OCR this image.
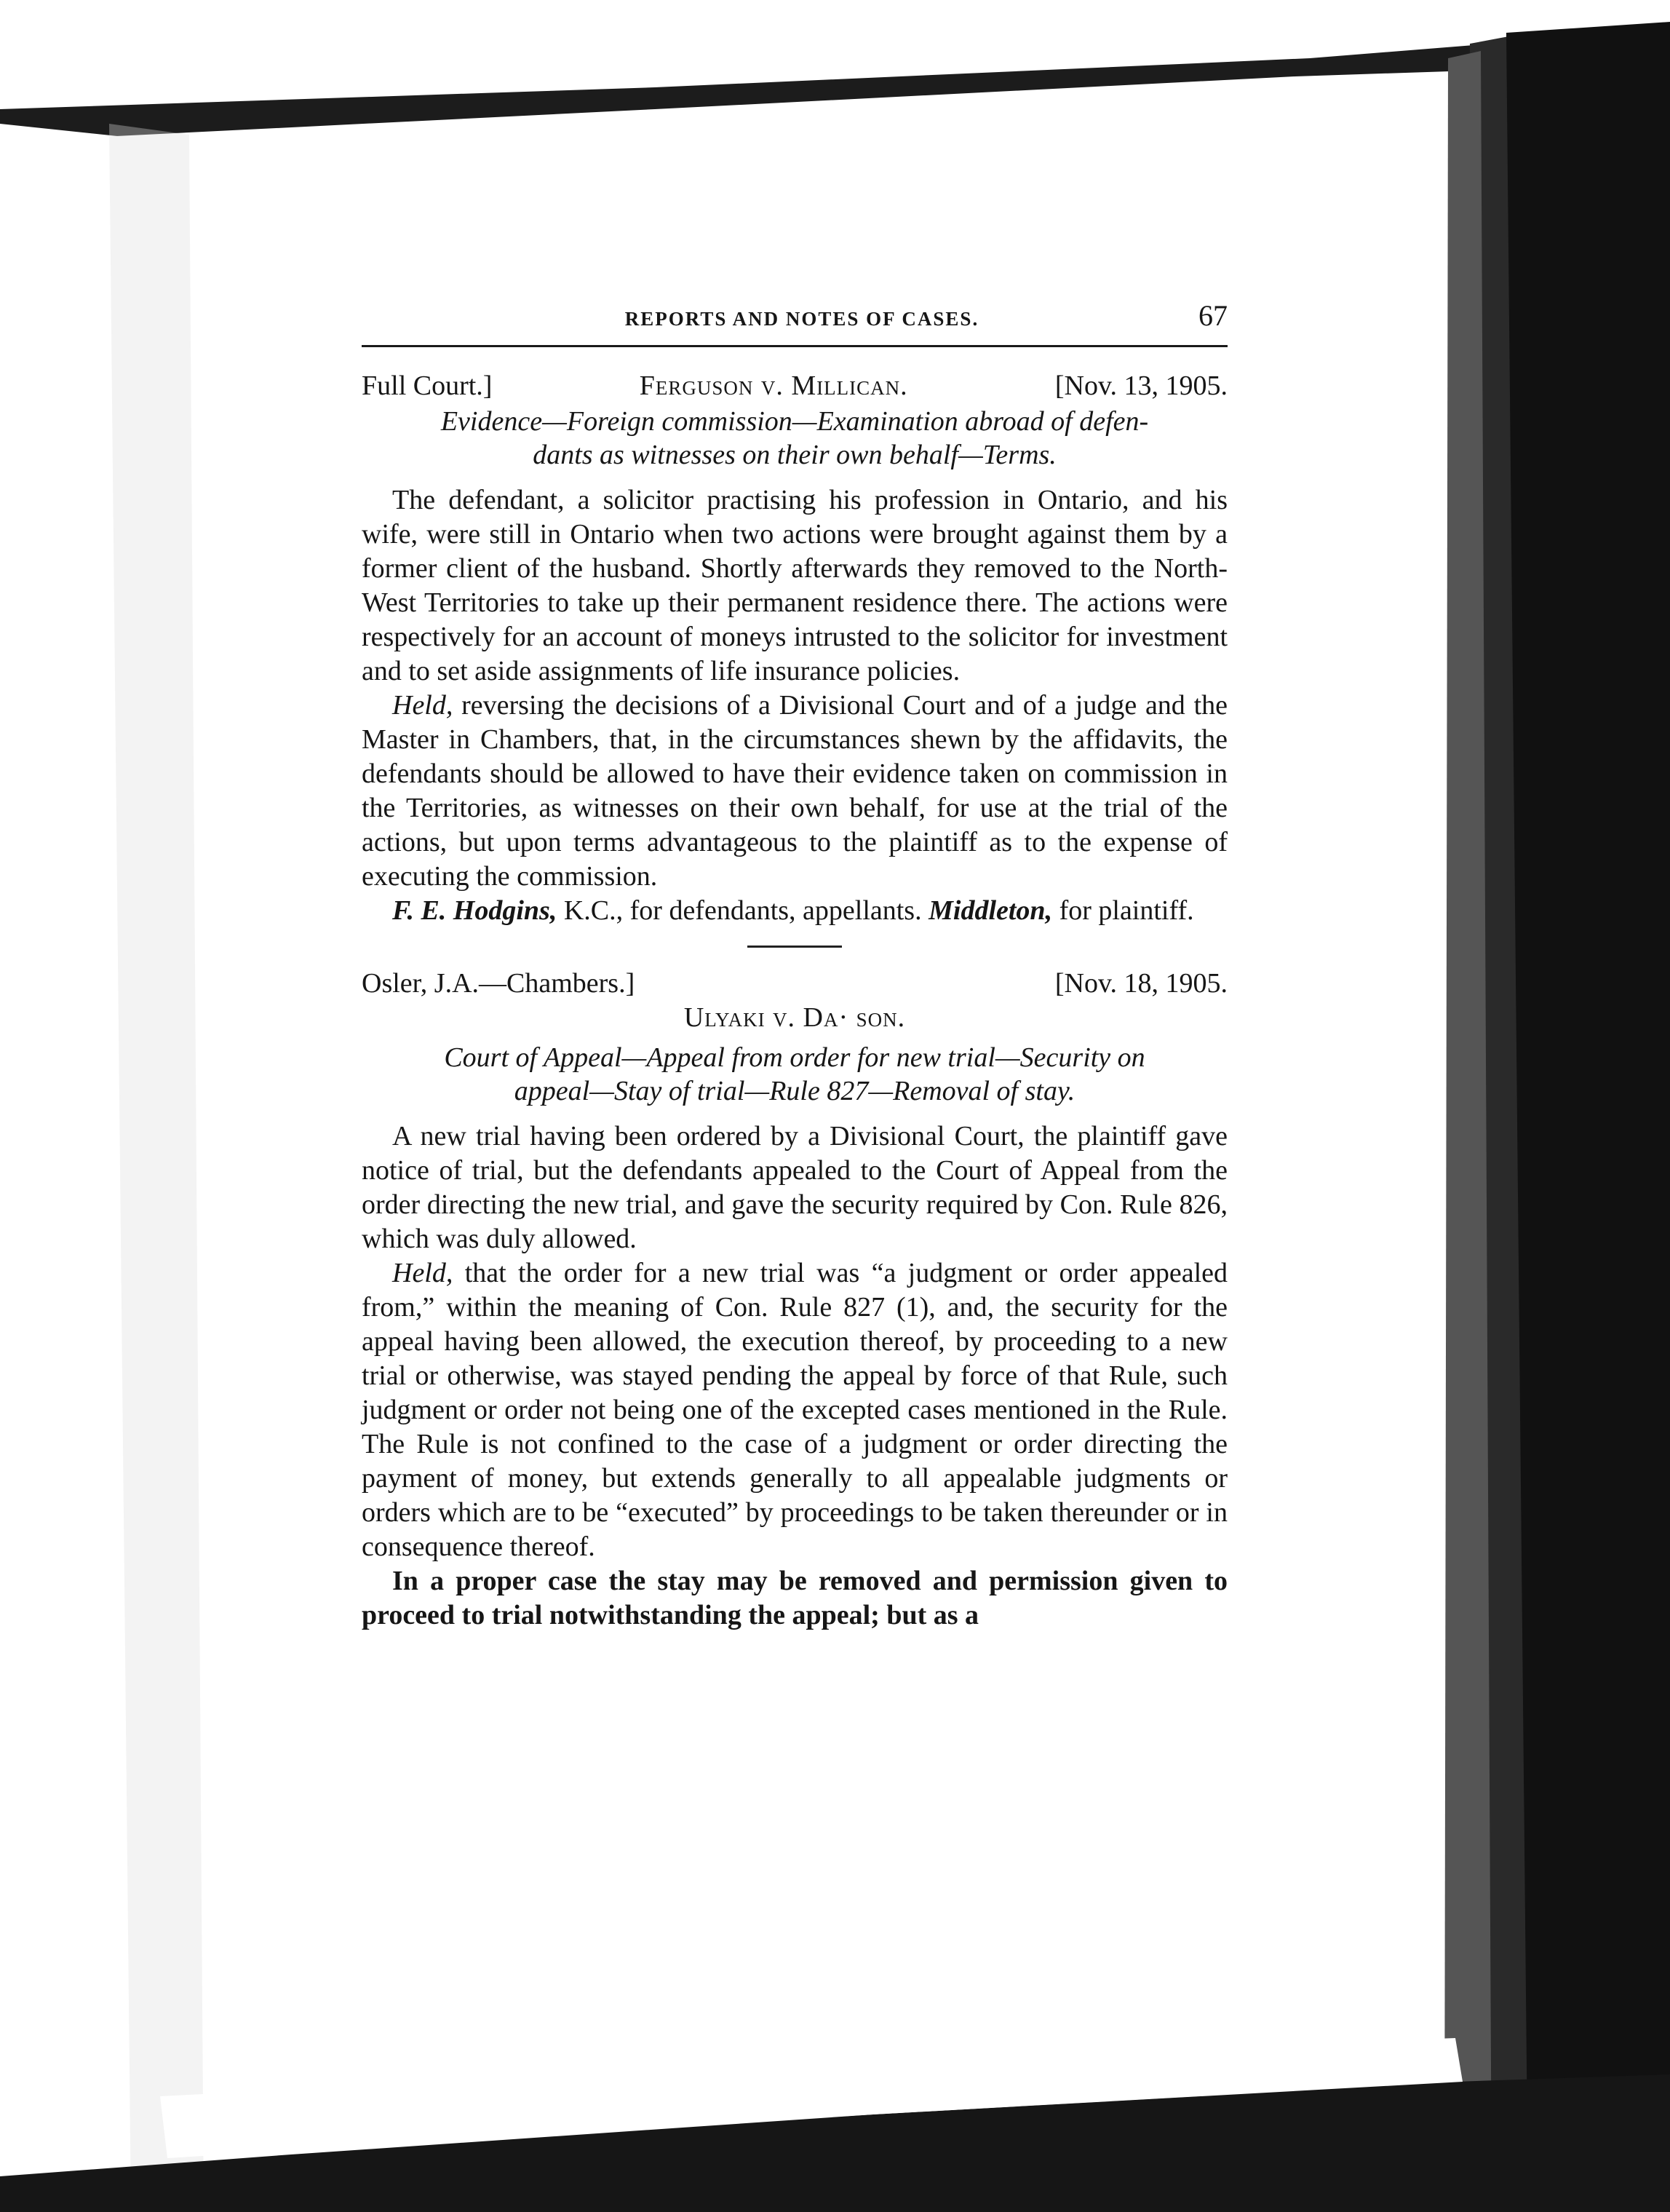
REPORTS AND NOTES OF CASES.	67
Full Court.]	Ferguson v. Millican.	[Nov. 13, 1905.
Evidence—Foreign commission—Examination abroad of defen-
dants as witnesses on their own behalf—Terms.

The defendant, a solicitor practising his profession in Ontario, and his wife, were still in Ontario when two actions were brought against them by a former client of the husband. Shortly afterwards they removed to the North-West Territories to take up their permanent residence there. The actions were respectively for an account of moneys intrusted to the solicitor for investment and to set aside assignments of life insurance policies.

Held, reversing the decisions of a Divisional Court and of a judge and the Master in Chambers, that, in the circumstances shewn by the affidavits, the defendants should be allowed to have their evidence taken on commission in the Territories, as witnesses on their own behalf, for use at the trial of the actions, but upon terms advantageous to the plaintiff as to the expense of executing the commission.

F. E. Hodgins, K.C., for defendants, appellants. Middleton, for plaintiff.

Osler, J.A.—Chambers.]	[Nov. 18, 1905.
Ulyaki v. Da· son.
Court of Appeal—Appeal from order for new trial—Security on
appeal—Stay of trial—Rule 827—Removal of stay.

A new trial having been ordered by a Divisional Court, the plaintiff gave notice of trial, but the defendants appealed to the Court of Appeal from the order directing the new trial, and gave the security required by Con. Rule 826, which was duly allowed.

Held, that the order for a new trial was “a judgment or order appealed from,” within the meaning of Con. Rule 827 (1), and, the security for the appeal having been allowed, the execution thereof, by proceeding to a new trial or otherwise, was stayed pending the appeal by force of that Rule, such judgment or order not being one of the excepted cases mentioned in the Rule. The Rule is not confined to the case of a judgment or order directing the payment of money, but extends generally to all appealable judgments or orders which are to be “executed” by proceedings to be taken thereunder or in consequence thereof.

In a proper case the stay may be removed and permission given to proceed to trial notwithstanding the appeal; but as a
